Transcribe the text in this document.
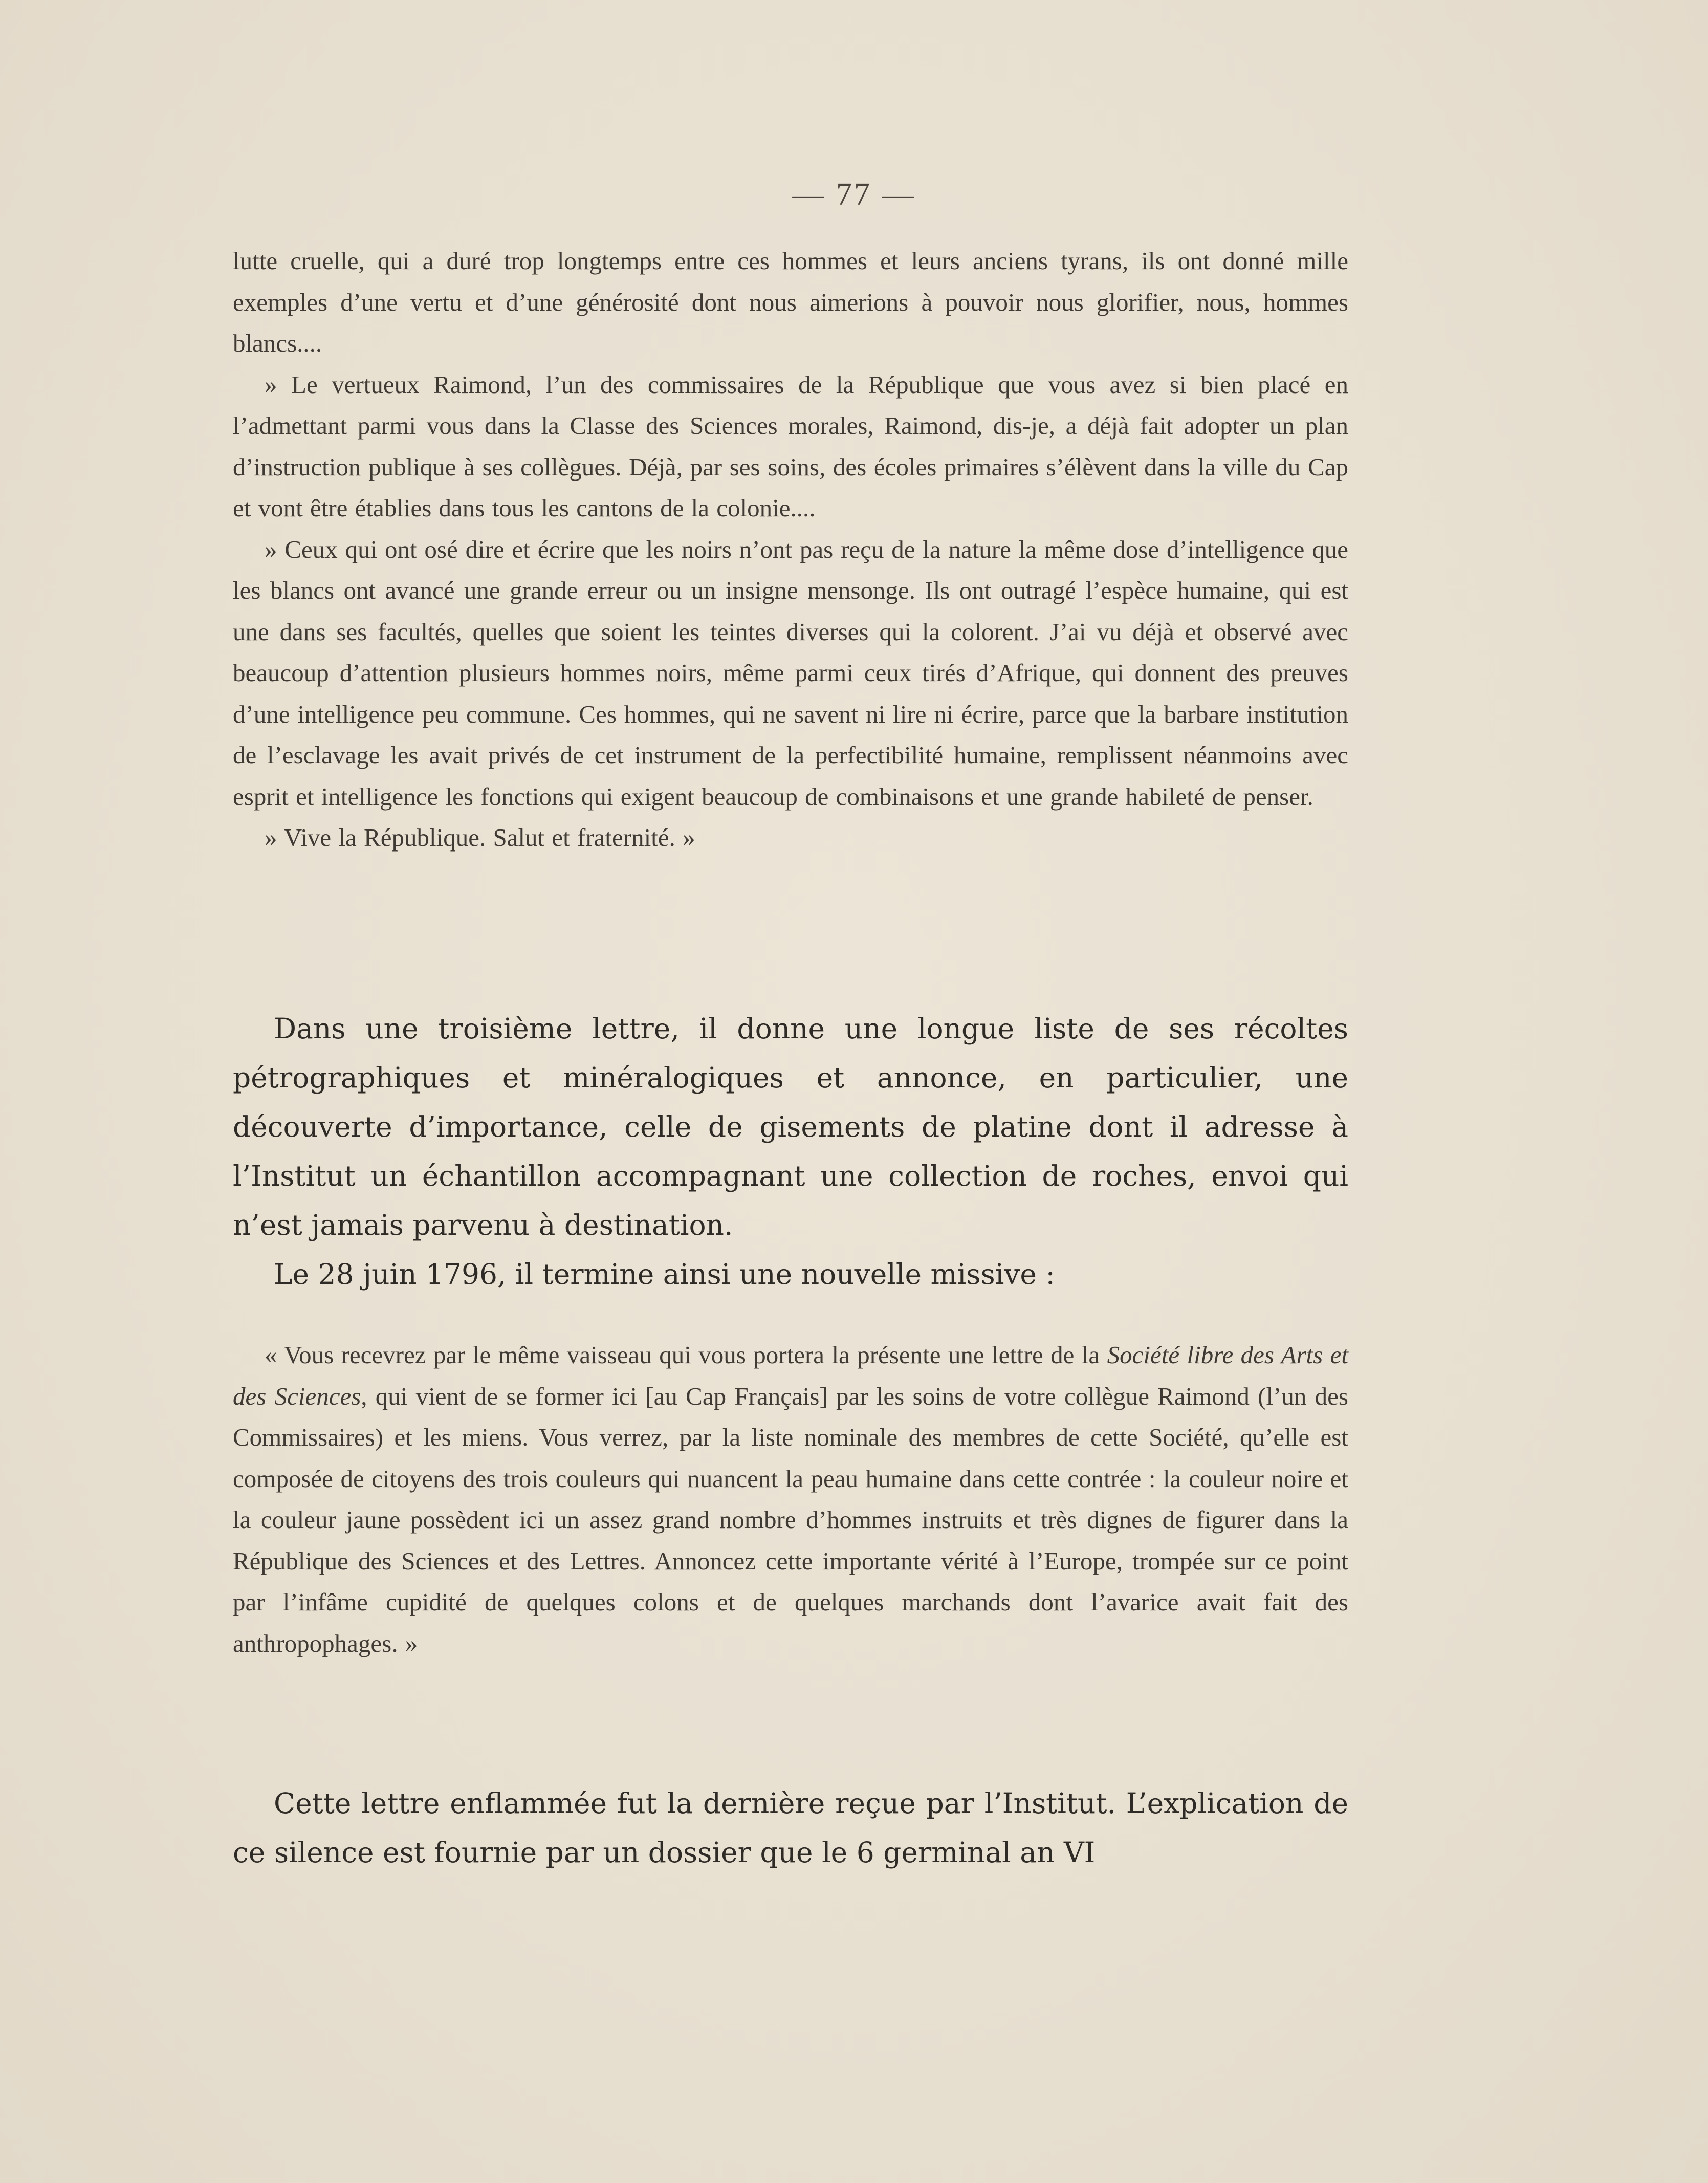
— 77 —

lutte cruelle, qui a duré trop longtemps entre ces hommes et leurs anciens tyrans, ils ont donné mille exemples d’une vertu et d’une générosité dont nous aimerions à pouvoir nous glorifier, nous, hommes blancs....

» Le vertueux Raimond, l’un des commissaires de la République que vous avez si bien placé en l’admettant parmi vous dans la Classe des Sciences morales, Raimond, dis-je, a déjà fait adopter un plan d’instruction publique à ses collègues. Déjà, par ses soins, des écoles primaires s’élèvent dans la ville du Cap et vont être établies dans tous les cantons de la colonie....

» Ceux qui ont osé dire et écrire que les noirs n’ont pas reçu de la nature la même dose d’intelligence que les blancs ont avancé une grande erreur ou un insigne mensonge. Ils ont outragé l’espèce humaine, qui est une dans ses facultés, quelles que soient les teintes diverses qui la colorent. J’ai vu déjà et observé avec beaucoup d’attention plusieurs hommes noirs, même parmi ceux tirés d’Afrique, qui donnent des preuves d’une intelligence peu commune. Ces hommes, qui ne savent ni lire ni écrire, parce que la barbare institution de l’esclavage les avait privés de cet instrument de la perfectibilité humaine, remplissent néanmoins avec esprit et intelligence les fonctions qui exigent beaucoup de combinaisons et une grande habileté de penser.

» Vive la République. Salut et fraternité. »

Dans une troisième lettre, il donne une longue liste de ses récoltes pétrographiques et minéralogiques et annonce, en particulier, une découverte d’importance, celle de gisements de platine dont il adresse à l’Institut un échantillon accompagnant une collection de roches, envoi qui n’est jamais parvenu à destination.

Le 28 juin 1796, il termine ainsi une nouvelle missive :

« Vous recevrez par le même vaisseau qui vous portera la présente une lettre de la Société libre des Arts et des Sciences, qui vient de se former ici [au Cap Français] par les soins de votre collègue Raimond (l’un des Commissaires) et les miens. Vous verrez, par la liste nominale des membres de cette Société, qu’elle est composée de citoyens des trois couleurs qui nuancent la peau humaine dans cette contrée : la couleur noire et la couleur jaune possèdent ici un assez grand nombre d’hommes instruits et très dignes de figurer dans la République des Sciences et des Lettres. Annoncez cette importante vérité à l’Europe, trompée sur ce point par l’infâme cupidité de quelques colons et de quelques marchands dont l’avarice avait fait des anthropophages. »

Cette lettre enflammée fut la dernière reçue par l’Institut. L’explication de ce silence est fournie par un dossier que le 6 germinal an VI
